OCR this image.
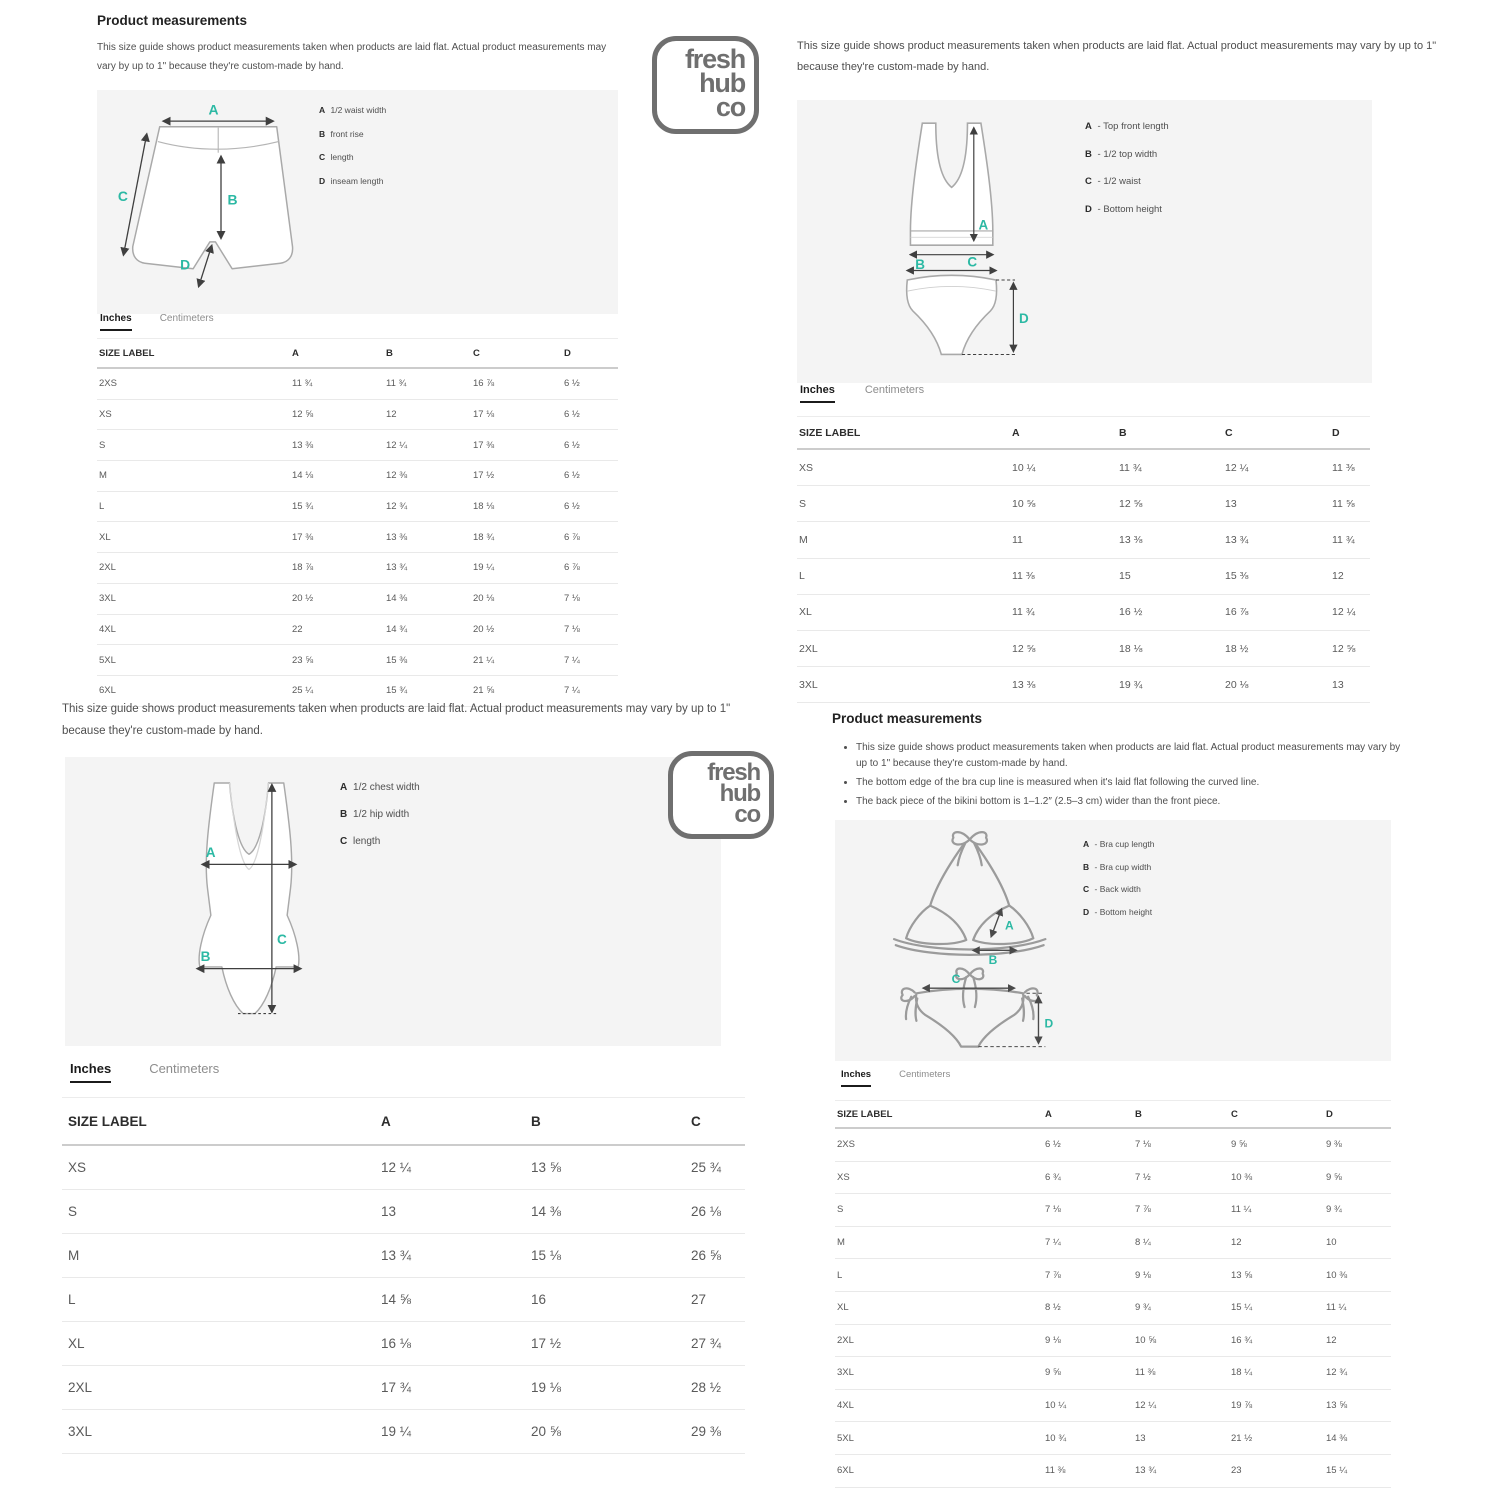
Product measurements
This size guide shows product measurements taken when products are laid flat. Actual product measurements may vary by up to 1" because they're custom-made by hand.	fresh
hub
co
A
B
C
D
A 1/2 waist width
B front rise
C length
D inseam length
Inches	Centimeters
SIZE LABEL	A	B	C	D
2XS	11 ¾	11 ¾	16 ⅞	6 ½
XS	12 ⅝	12	17 ⅛	6 ½
S	13 ⅜	12 ¼	17 ⅜	6 ½
M	14 ⅛	12 ⅜	17 ½	6 ½
L	15 ¾	12 ¾	18 ⅛	6 ½
XL	17 ⅜	13 ⅜	18 ¾	6 ⅞
2XL	18 ⅞	13 ¾	19 ¼	6 ⅞
3XL	20 ½	14 ⅜	20 ⅛	7 ⅛
4XL	22	14 ¾	20 ½	7 ⅛
5XL	23 ⅝	15 ⅜	21 ¼	7 ¼
6XL	25 ¼	15 ¾	21 ⅝	7 ¼
This size guide shows product measurements taken when products are laid flat. Actual product measurements may vary by up to 1" because they're custom-made by hand.
A
B C
D
A - Top front length
B - 1/2 top width
C - 1/2 waist
D - Bottom height
Inches	Centimeters
SIZE LABEL	A	B	C	D
XS	10 ¼	11 ¾	12 ¼	11 ⅜
S	10 ⅝	12 ⅝	13	11 ⅝
M	11	13 ⅜	13 ¾	11 ¾
L	11 ⅜	15	15 ⅜	12
XL	11 ¾	16 ½	16 ⅞	12 ¼
2XL	12 ⅝	18 ⅛	18 ½	12 ⅝
3XL	13 ⅜	19 ¾	20 ⅛	13
This size guide shows product measurements taken when products are laid flat. Actual product measurements may vary by up to 1" because they're custom-made by hand.
A
B
C
A 1/2 chest width
B 1/2 hip width
C length
fresh
hub
co
Inches	Centimeters
SIZE LABEL	A	B	C
XS	12 ¼	13 ⅝	25 ¾
S	13	14 ⅜	26 ⅛
M	13 ¾	15 ⅛	26 ⅝
L	14 ⅝	16	27
XL	16 ⅛	17 ½	27 ¾
2XL	17 ¾	19 ⅛	28 ½
3XL	19 ¼	20 ⅝	29 ⅜
Product measurements
• This size guide shows product measurements taken when products are laid flat. Actual product measurements may vary by up to 1" because they're custom-made by hand.
• The bottom edge of the bra cup line is measured when it's laid flat following the curved line.
• The back piece of the bikini bottom is 1–1.2″ (2.5–3 cm) wider than the front piece.
A
B
C
D
A - Bra cup length
B - Bra cup width
C - Back width
D - Bottom height
Inches	Centimeters
SIZE LABEL	A	B	C	D
2XS	6 ½	7 ⅛	9 ⅝	9 ⅜
XS	6 ¾	7 ½	10 ⅜	9 ⅝
S	7 ⅛	7 ⅞	11 ¼	9 ¾
M	7 ¼	8 ¼	12	10
L	7 ⅞	9 ⅛	13 ⅝	10 ⅜
XL	8 ½	9 ¾	15 ¼	11 ¼
2XL	9 ⅛	10 ⅝	16 ¾	12
3XL	9 ⅝	11 ⅜	18 ¼	12 ¾
4XL	10 ¼	12 ¼	19 ⅞	13 ⅝
5XL	10 ¾	13	21 ½	14 ⅜
6XL	11 ⅜	13 ¾	23	15 ¼
